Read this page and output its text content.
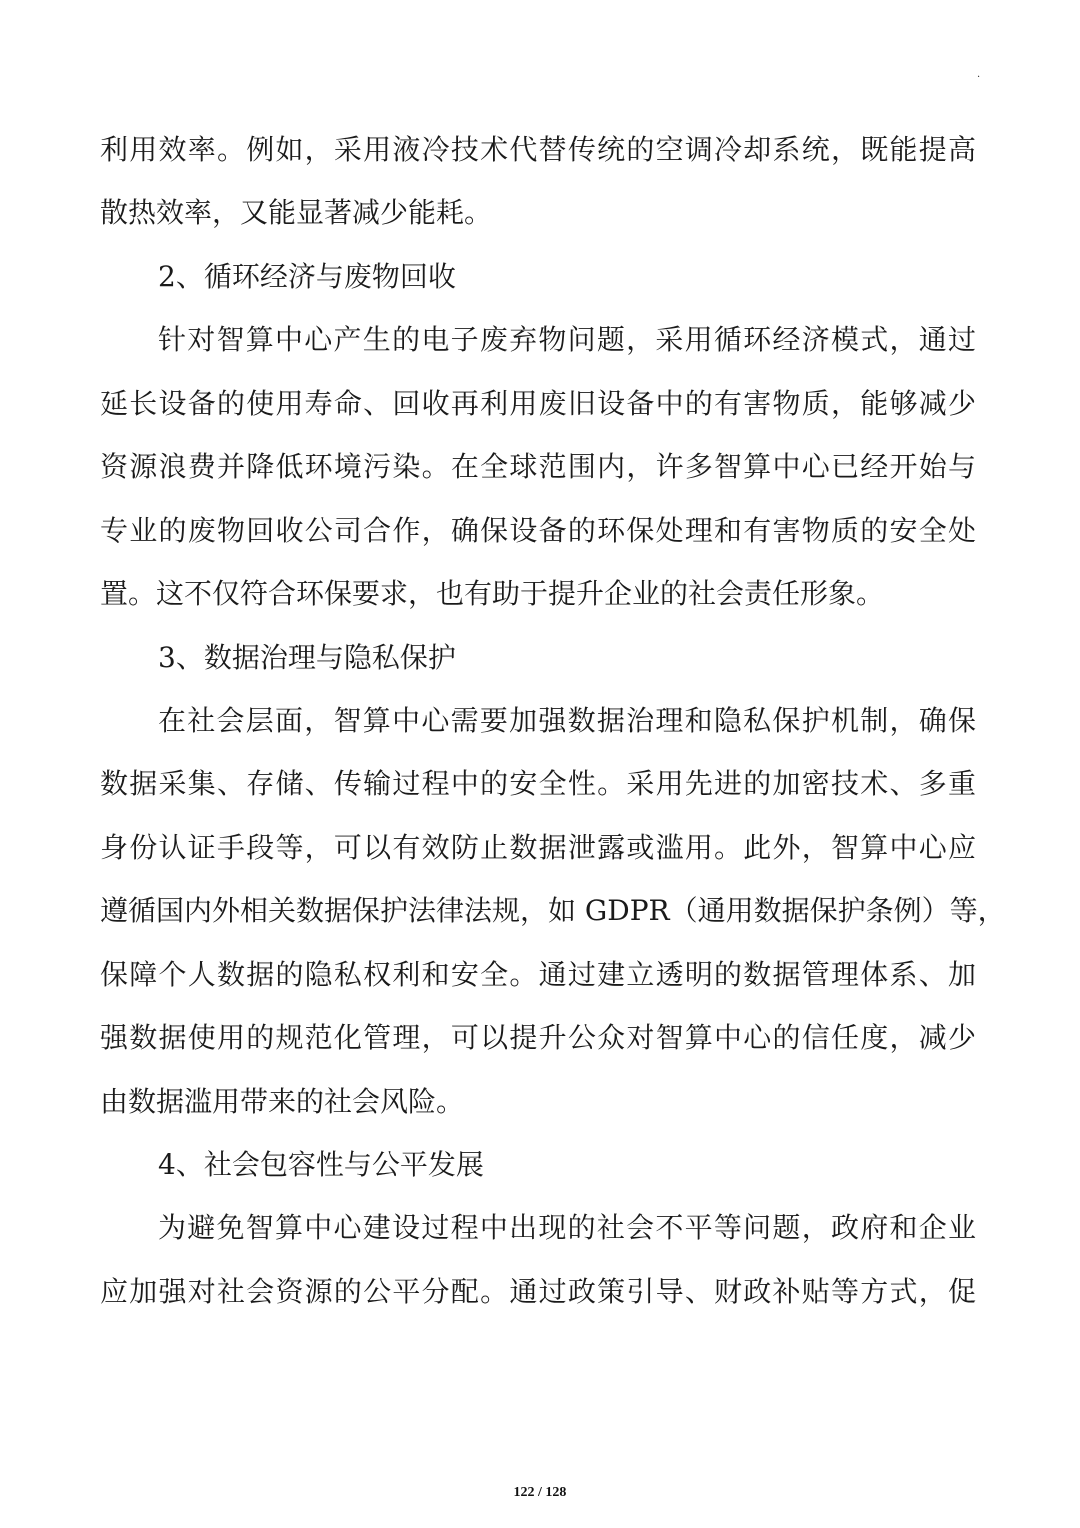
·
利用效率。例如，采用液冷技术代替传统的空调冷却系统，既能提高
散热效率，又能显著减少能耗。
2、循环经济与废物回收
针对智算中心产生的电子废弃物问题，采用循环经济模式，通过
延长设备的使用寿命、回收再利用废旧设备中的有害物质，能够减少
资源浪费并降低环境污染。在全球范围内，许多智算中心已经开始与
专业的废物回收公司合作，确保设备的环保处理和有害物质的安全处
置。这不仅符合环保要求，也有助于提升企业的社会责任形象。
3、数据治理与隐私保护
在社会层面，智算中心需要加强数据治理和隐私保护机制，确保
数据采集、存储、传输过程中的安全性。采用先进的加密技术、多重
身份认证手段等，可以有效防止数据泄露或滥用。此外，智算中心应
遵循国内外相关数据保护法律法规，如 GDPR（通用数据保护条例）等，
保障个人数据的隐私权利和安全。通过建立透明的数据管理体系、加
强数据使用的规范化管理，可以提升公众对智算中心的信任度，减少
由数据滥用带来的社会风险。
4、社会包容性与公平发展
为避免智算中心建设过程中出现的社会不平等问题，政府和企业
应加强对社会资源的公平分配。通过政策引导、财政补贴等方式，促
122 / 128
